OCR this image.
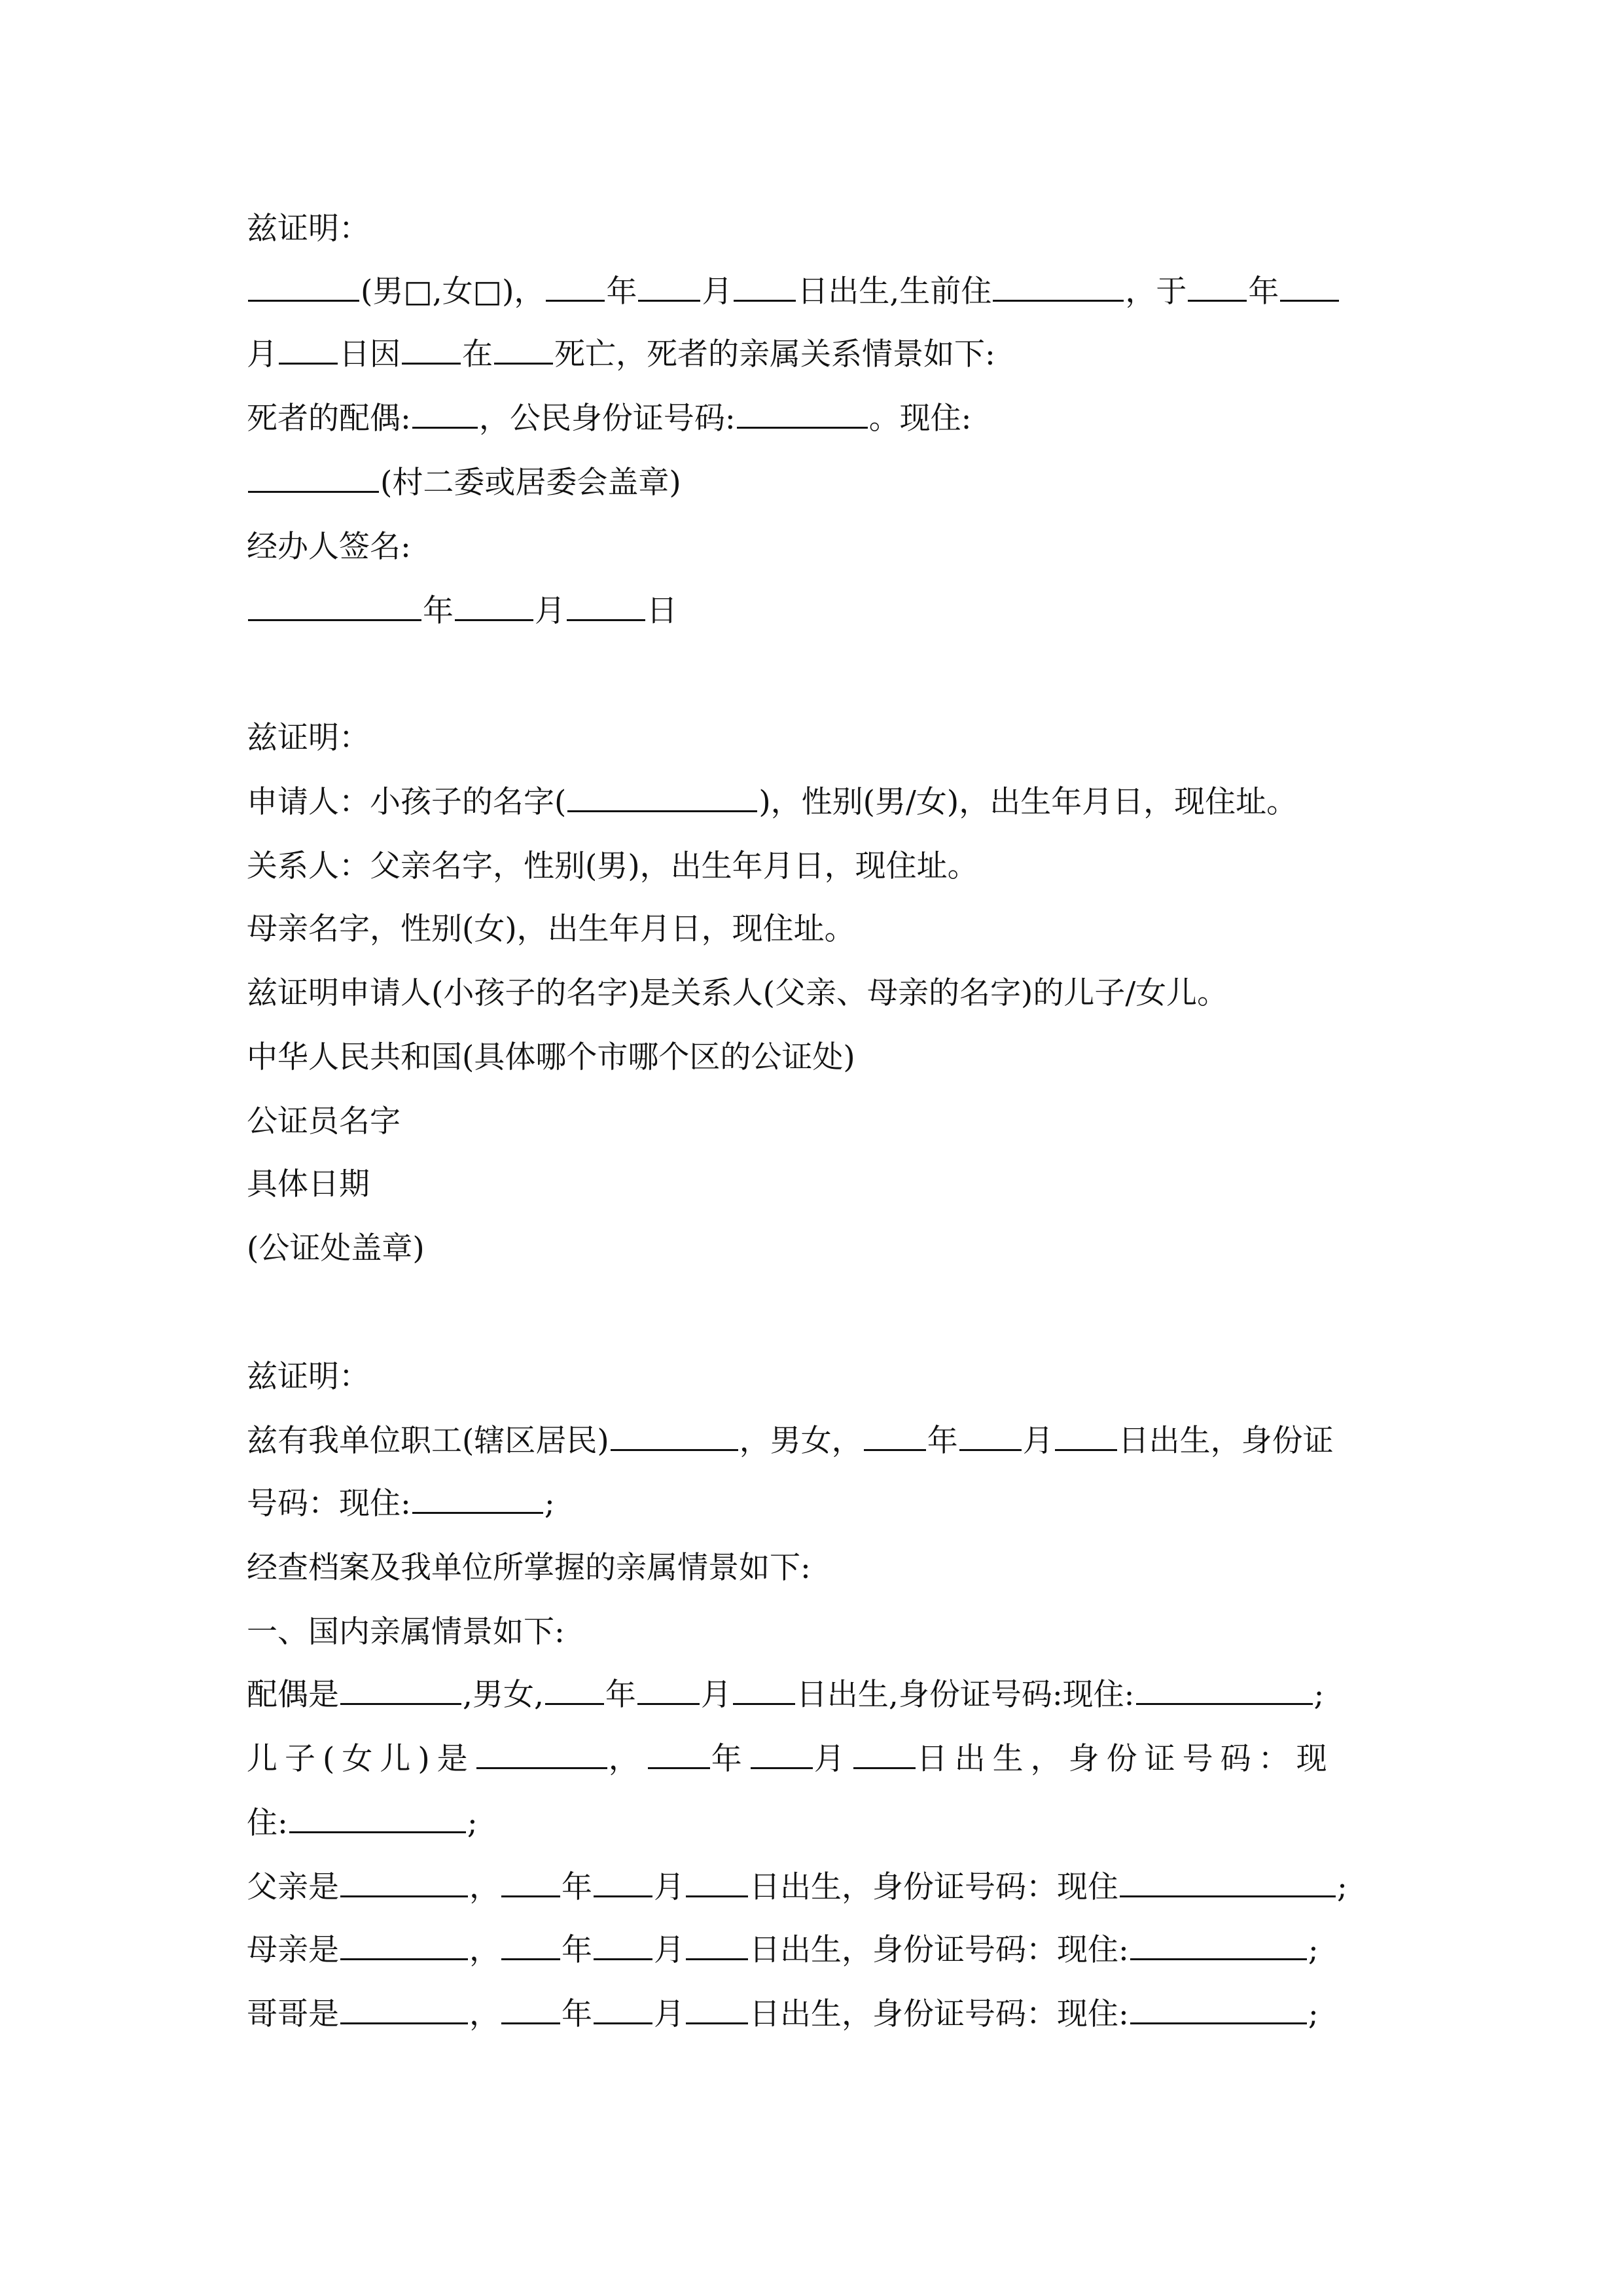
兹证明：
(男□,女□)， 年 月 日出生,生前住	，于 年
月 日因 在 死亡，死者的亲属关系情景如下:
死者的配偶: ，公民身份证号码:	。现住:
(村二委或居委会盖章)
经办人签名:
年	月	日
兹证明：
申请人：小孩子的名字(	)，性别(男/女)，出生年月日，现住址。
关系人：父亲名字，性别(男)，出生年月日，现住址。
母亲名字，性别(女)，出生年月日，现住址。
兹证明申请人(小孩子的名字)是关系人(父亲、母亲的名字)的儿子/女儿。
中华人民共和国(具体哪个市哪个区的公证处)
公证员名字
具体日期
(公证处盖章)
兹证明：
兹有我单位职工(辖区居民)	，男女， 年 月 日出生，身份证
号码：现住:	;
经查档案及我单位所掌握的亲属情景如下:
一、国内亲属情景如下:
配偶是	,男女, 年 月 日出生,身份证号码:现住:	;
儿子(女儿)是	， 年 月 日出生，身份证号码：现
住:	;
父亲是	， 年 月 日出生，身份证号码：现住	;
母亲是	， 年 月 日出生，身份证号码：现住:	;
哥哥是	， 年 月 日出生，身份证号码：现住:	;
